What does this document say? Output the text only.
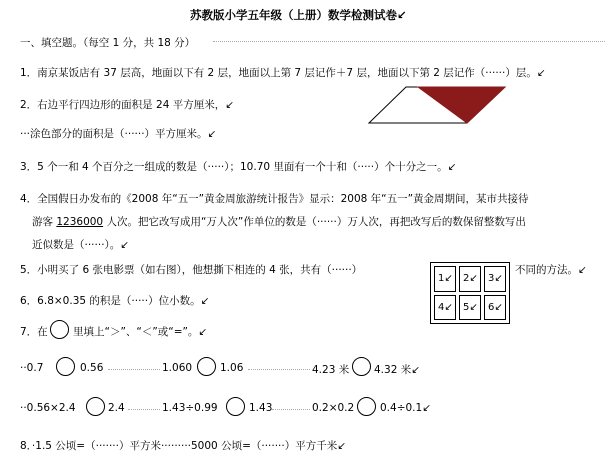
苏教版小学五年级（上册）数学检测试卷↙
一、填空题。（每空 1 分，共 18 分）
1．南京某饭店有 37 层高，地面以下有 2 层，地面以上第 7 层记作＋7 层，地面以下第 2 层记作（······）层。↙
2．右边平行四边形的面积是 24 平方厘米，↙
···涂色部分的面积是（······）平方厘米。↙
3．5 个一和 4 个百分之一组成的数是（·····）；10.70 里面有一个十和（·····）个十分之一。↙
4．全国假日办发布的《2008 年“五一”黄金周旅游统计报告》显示：2008 年“五一”黄金周期间，某市共接待
游客 1236000 人次。把它改写成用“万人次”作单位的数是（······）万人次，再把改写后的数保留整数写出
近似数是（······）。↙
5．小明买了 6 张电影票（如右图），他想撕下相连的 4 张，共有（······）
1↙	2↙	3↙
4↙	5↙	6↙
不同的方法。↙
6．6.8×0.35 的积是（·····）位小数。↙
7．在 里填上“＞”、“＜”或“=”。↙
··0.7	0.56	1.060	1.06	4.23 米 4.32 米↙
··0.56×2.4	2.4	1.43÷0.99	1.43	0.2×0.2 0.4÷0.1↙
8．·1.5 公顷=（·······）平方米·········5000 公顷=（·······）平方千米↙
